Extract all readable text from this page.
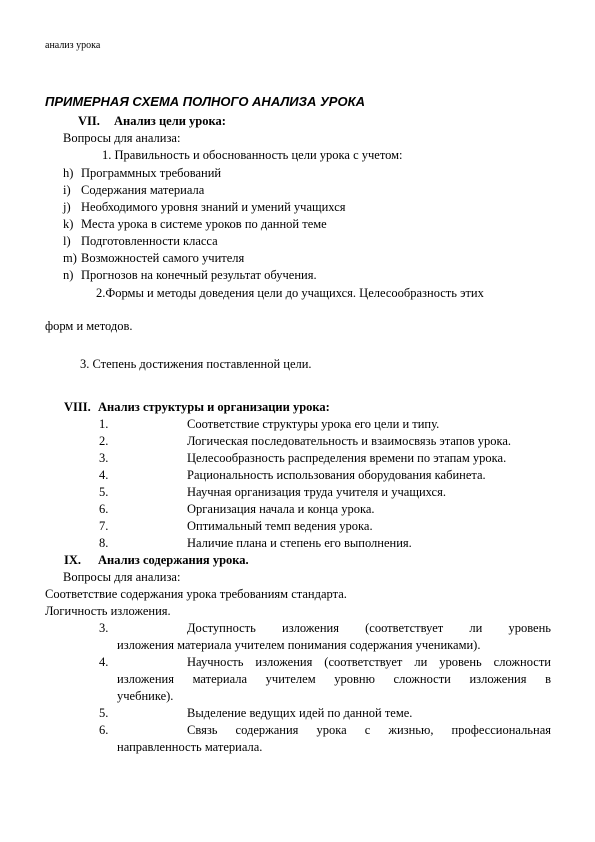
анализ урока
ПРИМЕРНАЯ СХЕМА ПОЛНОГО АНАЛИЗА УРОКА
VII. Анализ цели урока:
Вопросы для анализа:
1. Правильность и обоснованность цели урока с учетом:
h) Программных требований
i) Содержания материала
j) Необходимого уровня знаний и умений учащихся
k) Места урока в системе уроков по данной теме
l) Подготовленности класса
m) Возможностей самого учителя
n) Прогнозов на конечный результат обучения.
2.Формы и методы доведения цели до учащихся. Целесообразность этих
форм и методов.
3. Степень достижения поставленной цели.
VIII. Анализ структуры и организации урока:
1.	Соответствие структуры урока его цели и типу.
2.	Логическая последовательность и взаимосвязь этапов урока.
3.	Целесообразность распределения времени по этапам урока.
4.	Рациональность использования оборудования кабинета.
5.	Научная организация труда учителя и учащихся.
6.	Организация начала и конца урока.
7.	Оптимальный темп ведения урока.
8.	Наличие плана и степень его выполнения.
IX. Анализ содержания урока.
Вопросы для анализа:
Соответствие содержания урока требованиям стандарта.
Логичность изложения.
3.	Доступность изложения (соответствует ли уровень
изложения материала учителем понимания содержания учениками).
4.	Научность изложения (соответствует ли уровень сложности
изложения материала учителем уровню сложности изложения в
учебнике).
5.	Выделение ведущих идей по данной теме.
6.	Связь содержания урока с жизнью, профессиональная
направленность материала.
